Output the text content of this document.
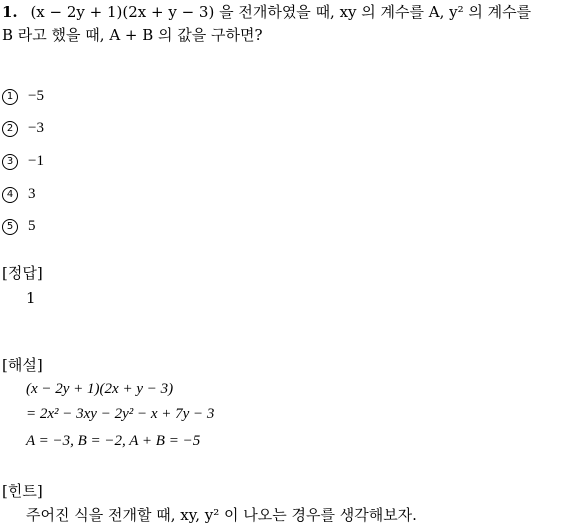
1. (x − 2y + 1)(2x + y − 3) 을 전개하였을 때, xy 의 계수를 A, y² 의 계수를
B 라고 했을 때, A + B 의 값을 구하면?
1 −5
2 −3
3 −1
4 3
5 5
[정답]
1
[해설]
(x − 2y + 1)(2x + y − 3)
= 2x² − 3xy − 2y² − x + 7y − 3
A = −3, B = −2, A + B = −5
[힌트]
주어진 식을 전개할 때, xy, y² 이 나오는 경우를 생각해보자.
